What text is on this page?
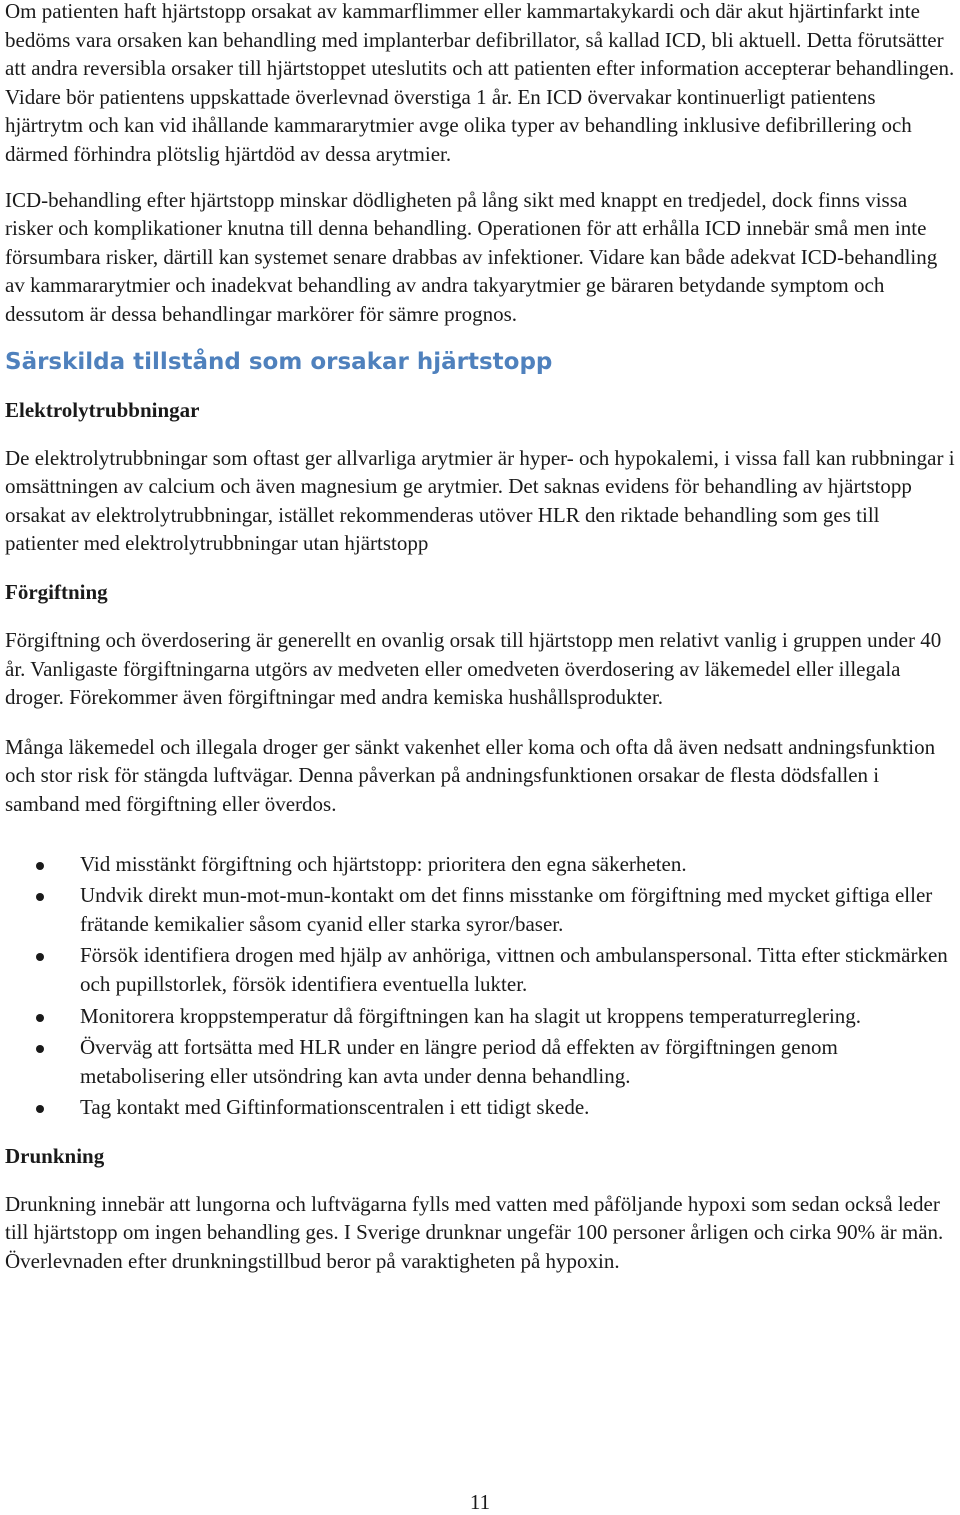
Om patienten haft hjärtstopp orsakat av kammarflimmer eller kammartakykardi och där akut hjärtinfarkt inte bedöms vara orsaken kan behandling med implanterbar defibrillator, så kallad ICD, bli aktuell. Detta förutsätter att andra reversibla orsaker till hjärtstoppet uteslutits och att patienten efter information accepterar behandlingen. Vidare bör patientens uppskattade överlevnad överstiga 1 år. En ICD övervakar kontinuerligt patientens hjärtrytm och kan vid ihållande kammararytmier avge olika typer av behandling inklusive defibrillering och därmed förhindra plötslig hjärtdöd av dessa arytmier.

ICD-behandling efter hjärtstopp minskar dödligheten på lång sikt med knappt en tredjedel, dock finns vissa risker och komplikationer knutna till denna behandling. Operationen för att erhålla ICD innebär små men inte försumbara risker, därtill kan systemet senare drabbas av infektioner. Vidare kan både adekvat ICD-behandling av kammararytmier och inadekvat behandling av andra takyarytmier ge bäraren betydande symptom och dessutom är dessa behandlingar markörer för sämre prognos.

Särskilda tillstånd som orsakar hjärtstopp
Elektrolytrubbningar

De elektrolytrubbningar som oftast ger allvarliga arytmier är hyper- och hypokalemi, i vissa fall kan rubbningar i omsättningen av calcium och även magnesium ge arytmier. Det saknas evidens för behandling av hjärtstopp orsakat av elektrolytrubbningar, istället rekommenderas utöver HLR den riktade behandling som ges till patienter med elektrolytrubbningar utan hjärtstopp

Förgiftning

Förgiftning och överdosering är generellt en ovanlig orsak till hjärtstopp men relativt vanlig i gruppen under 40 år. Vanligaste förgiftningarna utgörs av medveten eller omedveten överdosering av läkemedel eller illegala droger. Förekommer även förgiftningar med andra kemiska hushållsprodukter.

Många läkemedel och illegala droger ger sänkt vakenhet eller koma och ofta då även nedsatt andningsfunktion och stor risk för stängda luftvägar. Denna påverkan på andningsfunktionen orsakar de flesta dödsfallen i samband med förgiftning eller överdos.

Vid misstänkt förgiftning och hjärtstopp: prioritera den egna säkerheten.
Undvik direkt mun-mot-mun-kontakt om det finns misstanke om förgiftning med mycket giftiga eller frätande kemikalier såsom cyanid eller starka syror/baser.
Försök identifiera drogen med hjälp av anhöriga, vittnen och ambulanspersonal. Titta efter stickmärken och pupillstorlek, försök identifiera eventuella lukter.
Monitorera kroppstemperatur då förgiftningen kan ha slagit ut kroppens temperaturreglering.
Överväg att fortsätta med HLR under en längre period då effekten av förgiftningen genom metabolisering eller utsöndring kan avta under denna behandling.
Tag kontakt med Giftinformationscentralen i ett tidigt skede.
Drunkning

Drunkning innebär att lungorna och luftvägarna fylls med vatten med påföljande hypoxi som sedan också leder till hjärtstopp om ingen behandling ges. I Sverige drunknar ungefär 100 personer årligen och cirka 90% är män. Överlevnaden efter drunkningstillbud beror på varaktigheten på hypoxin.

11
